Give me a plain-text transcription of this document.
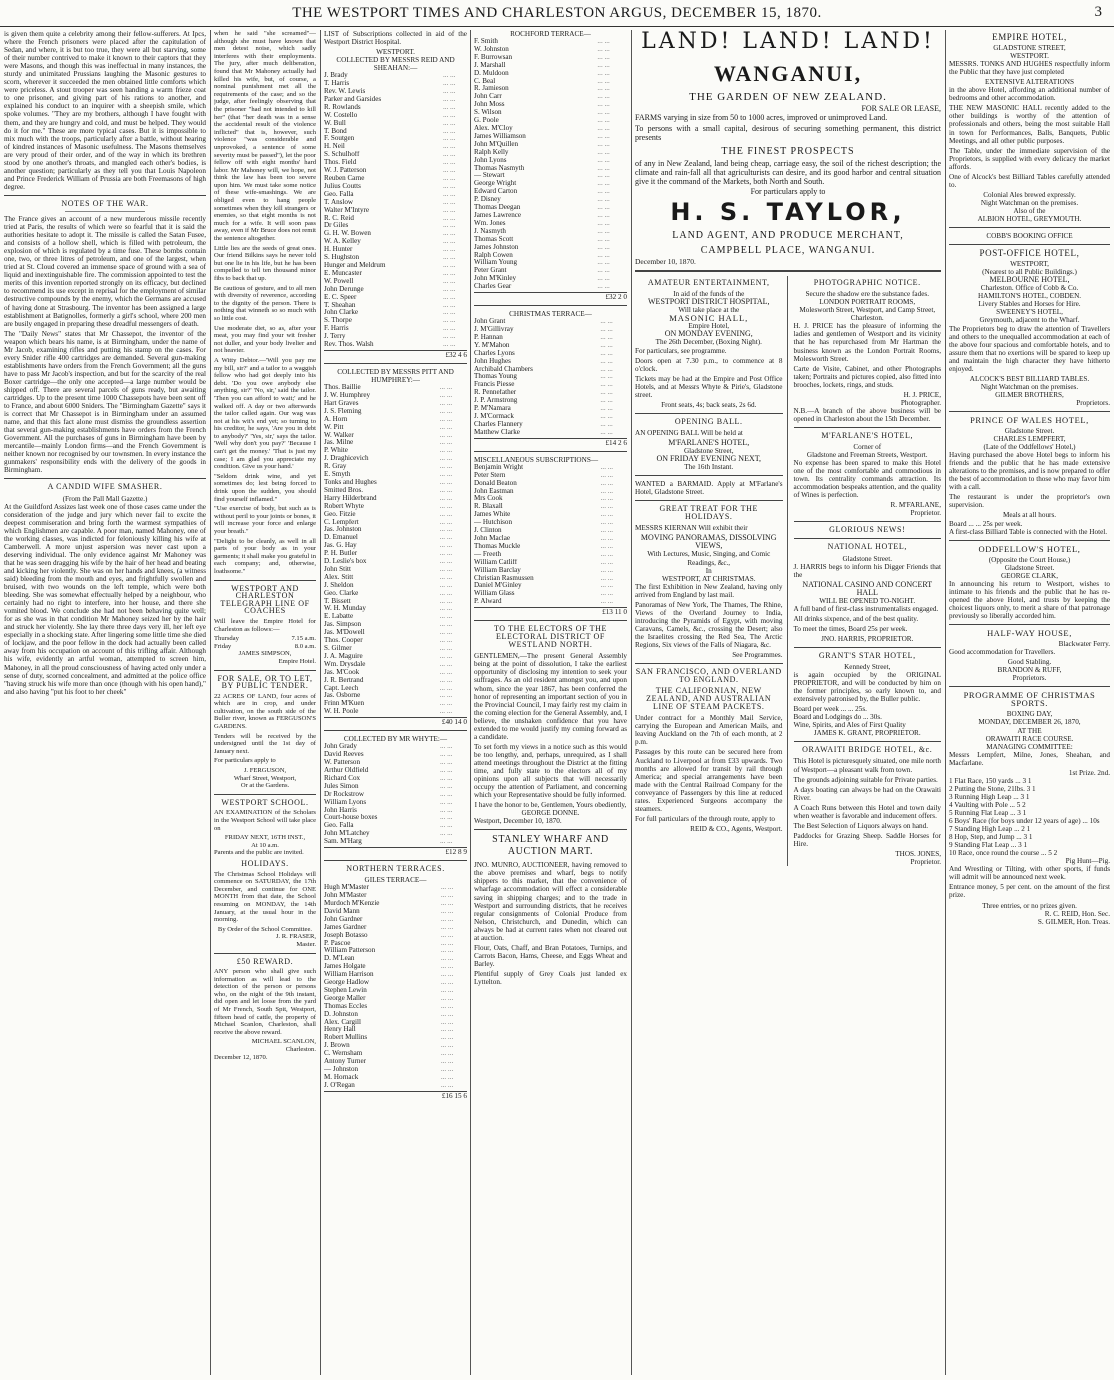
THE WESTPORT TIMES AND CHARLESTON ARGUS, DECEMBER 15, 1870.	3

is given them quite a celebrity among their fellow-sufferers. At Ipcs, where the French prisoners were placed after the capitulation of Sedan, and where, it is but too true, they were all but starving, some of their number contrived to make it known to their captors that they were Masons, and though this was ineffectual in many instances, the sturdy and unimitated Prussians laughing the Masonic gestures to scorn, wherever it succeeded the men obtained little comforts which were priceless. A stout trooper was seen handing a warm frieze coat to one prisoner, and giving part of his rations to another, and explained his conduct to an inquirer with a sheepish smile, which spoke volumes. "They are my brothers, although I have fought with them, and they are hungry and cold, and must be helped. They would do it for me." These are more typical cases. But it is impossible to mix much with the troops, particularly after a battle, without hearing of kindred instances of Masonic usefulness. The Masons themselves are very proud of their order, and of the way in which its brethren stood by one another's throats, and mangled each other's bodies, is another question; particularly as they tell you that Louis Napoleon and Prince Frederick William of Prussia are both Freemasons of high degree.

NOTES OF THE WAR.

The France gives an account of a new murderous missile recently tried at Paris, the results of which were so fearful that it is said the authorities hesitate to adopt it. The missile is called the Satan Fusee, and consists of a hollow shell, which is filled with petroleum, the explosion of which is regulated by a time fuse. These bombs contain one, two, or three litres of petroleum, and one of the largest, when tried at St. Cloud covered an immense space of ground with a sea of liquid and inextinguishable fire. The commission appointed to test the merits of this invention reported strongly on its efficacy, but declined to recommend its use except in reprisal for the employment of similar destructive compounds by the enemy, which the Germans are accused of having done at Strasbourg. The inventor has been assigned a large establishment at Batignolles, formerly a girl's school, where 200 men are busily engaged in preparing these dreadful messengers of death.

The "Daily News" states that Mr Chassepot, the inventor of the weapon which bears his name, is at Birmingham, under the name of Mr Jacob, examining rifles and putting his stamp on the cases. For every Snider rifle 400 cartridges are demanded. Several gun-making establishments have orders from the French Government; all the guns have to pass Mr Jacob's inspection, and but for the scarcity of the real Boxer cartridge—the only one accepted—a large number would be shipped off. There are several parcels of guns ready, but awaiting cartridges. Up to the present time 1000 Chassepots have been sent off to France, and about 6000 Sniders. The "Birmingham Gazette" says it is correct that Mr Chassepot is in Birmingham under an assumed name, and that this fact alone must dismiss the groundless assertion that several gun-making establishments have orders from the French Government. All the purchases of guns in Birmingham have been by mercantile—mainly London firms—and the French Government is neither known nor recognised by our townsmen. In every instance the gunmakers' responsibility ends with the delivery of the goods in Birmingham.

A CANDID WIFE SMASHER.
(From the Pall Mall Gazette.)

At the Guildford Assizes last week one of those cases came under the consideration of the judge and jury which never fail to excite the deepest commiseration and bring forth the warmest sympathies of which Englishmen are capable. A poor man, named Mahoney, one of the working classes, was indicted for feloniously killing his wife at Camberwell. A more unjust aspersion was never cast upon a deserving individual. The only evidence against Mr Mahoney was that he was seen dragging his wife by the hair of her head and beating and kicking her violently. She was on her hands and knees, (a witness said) bleeding from the mouth and eyes, and frightfully swollen and bruised, with two wounds on the left temple, which were both bleeding. She was somewhat effectually helped by a neighbour, who certainly had no right to interfere, into her house, and there she vomited blood. We conclude she had not been behaving quite well; for as she was in that condition Mr Mahoney seized her by the hair and struck her violently. She lay there three days very ill, her left eye especially in a shocking state. After lingering some little time she died of lockjaw, and the poor fellow in the dock had actually been called away from his occupation on account of this trifling affair. Although his wife, evidently an artful woman, attempted to screen him, Mahoney, in all the proud consciousness of having acted only under a sense of duty, scorned concealment, and admitted at the police office "having struck his wife more than once (though with his open hand)," and also having "put his foot to her cheek"

when he said "she screamed"—although she must have known that men detest noise, which sadly interferes with their employments. The jury, after much deliberation, found that Mr Mahoney actually had killed his wife, but, of course, a nominal punishment met all the requirements of the case; and so the judge, after feelingly observing that the prisoner "had not intended to kill her" (that "her death was in a sense the accidental result of the violence inflicted" that is, however, such violence "was considerable and unprovoked, a sentence of some severity must be passed"), let the poor fellow off with eight months' hard labor. Mr Mahoney will, we hope, not think the law has been too severe upon him. We must take some notice of these wife-smashings. We are obliged even to hang people sometimes when they kill strangers or enemies, so that eight months is not much for a wife. It will soon pass away, even if Mr Bruce does not remit the sentence altogether.

Little lies are the seeds of great ones. Our friend Bilkins says he never told but one lie in his life, but he has been compelled to tell ten thousand minor fibs to back that up.

Be cautious of gesture, and to all men with diversity of reverence, according to the dignity of the person. There is nothing that winneth so so much with so little cost.

Use moderate diet, so as, after your meat, you may find your wit fresher not duller, and your body livelier and not heavier.

A Witty Debtor.—'Will you pay me my bill, sir?' and a tailor to a waggish fellow who had got deeply into his debt. 'Do you owe anybody else anything, sir?' 'No, sir,' said the tailor. 'Then you can afford to wait;' and he walked off. A day or two afterwards the tailor called again. Our wag was not at his wit's end yet; so turning to his creditor, he says, 'Are you in debt to anybody?' 'Yes, sir,' says the tailor. 'Well why don't you pay?' 'Because I can't get the money.' 'That is just my case; I am glad you appreciate my condition. Give us your hand.'

"Seldom drink wine, and yet sometimes do; lest being forced to drink upon the sudden, you should find yourself inflamed."

"Use exercise of body, but such as is without peril to your joints or bones, it will increase your force and enlarge your breath."

"Delight to be cleanly, as well in all parts of your body as in your garments; it shall make you grateful in each company; and, otherwise, loathsome."

WESTPORT AND CHARLESTON TELEGRAPH LINE OF COACHES

Will leave the Empire Hotel for Charleston as follows:—

Thursday	7.15 a.m.
Friday	8.0 a.m.
JAMES SIMPSON,
Empire Hotel.
FOR SALE, OR TO LET, BY PUBLIC TENDER.

22 ACRES OF LAND, four acres of which are in crop, and under cultivation, on the south side of the Buller river, known as FERGUSON'S GARDENS.

Tenders will be received by the undersigned until the 1st day of January next.

For particulars apply to

J. FERGUSON,
Wharf Street, Westport,
Or at the Gardens.
WESTPORT SCHOOL.

AN EXAMINATION of the Scholars in the Westport School will take place on

FRIDAY NEXT, 16TH INST.,
At 10 a.m.

Parents and the public are invited.

HOLIDAYS.

The Christmas School Holidays will commence on SATURDAY, the 17th December, and continue for ONE MONTH from that date, the School resuming on MONDAY, the 14th January, at the usual hour in the morning.

By Order of the School Committee.
J. R. FRASER,
Master.
£50 REWARD.

ANY person who shall give such information as will lead to the detection of the person or persons who, on the night of the 9th instant, did open and let loose from the yard of Mr French, South Spit, Westport, fifteen head of cattle, the property of Michael Scanlon, Charleston, shall receive the above reward.

MICHAEL SCANLON,
Charleston.
December 12, 1870.

LIST of Subscriptions collected in aid of the Westport District Hospital.

WESTPORT.
COLLECTED BY MESSRS REID AND SHEAHAN:—
J. Brady	... ...
T. Harris	... ...
Rev. W. Lewis	... ...
Parker and Garsides	... ...
R. Rowlands	... ...
W. Costello	... ...
W. Bull	... ...
T. Bond	... ...
F. Soutgen	... ...
H. Neil	... ...
S. Schulhoff	... ...
Thos. Field	... ...
W. J. Patterson	... ...
Reuben Carne	... ...
Julius Coutts	... ...
Geo. Falla	... ...
T. Anslow	... ...
Walter M'Intyre	... ...
R. C. Reid	... ...
Dr Giles	... ...
G. H. W. Bowen	... ...
W. A. Kelley	... ...
H. Hunter	... ...
S. Hughston	... ...
Hunger and Meldrum	... ...
E. Muncaster	... ...
W. Powell	... ...
John Derunge	... ...
E. C. Speer	... ...
T. Sheahan	... ...
John Clarke	... ...
S. Thorpe	... ...
F. Harris	... ...
J. Terry	... ...
Rev. Thos. Walsh	... ...
£32 4 6
COLLECTED BY MESSRS PITT AND HUMPHREY:—
Thos. Baillie	... ...
J. W. Humphrey	... ...
Hart Graves	... ...
J. S. Fleming	... ...
A. Horn	... ...
W. Pitt	... ...
W. Walker	... ...
Jas. Milne	... ...
P. White	... ...
J. Draghicevich	... ...
R. Gray	... ...
E. Smyth	... ...
Tonks and Hughes	... ...
Smitted Bros.	... ...
Harry Hilderbrand	... ...
Robert Whyte	... ...
Geo. Fitzie	... ...
C. Lempfert	... ...
Jas. Johnston	... ...
D. Emanuel	... ...
Jas. G. Hay	... ...
P. H. Butler	... ...
D. Leslie's box	... ...
John Stitt	... ...
Alex. Stitt	... ...
J. Sheldon	... ...
Geo. Clarke	... ...
T. Bissett	... ...
W. H. Munday	... ...
E. Labatte	... ...
Jas. Simpson	... ...
Jas. M'Dowell	... ...
Thos. Cooper	... ...
S. Gilmer	... ...
J. A. Maguire	... ...
Wm. Drysdale	... ...
Jas. M'Cook	... ...
J. R. Bertrand	... ...
Capt. Leech	... ...
Jas. Osborne	... ...
Frinn M'Kuen	... ...
W. H. Poole	... ...
£40 14 0
COLLECTED BY MR WHYTE:—
John Grady	... ...
David Reeves	... ...
W. Patterson	... ...
Arthur Oldfield	... ...
Richard Cox	... ...
Jules Simon	... ...
Dr Rockstrow	... ...
William Lyons	... ...
John Harris	... ...
Court-house boxes	... ...
Geo. Falla	... ...
John M'Latchey	... ...
Sam. M'Harg	... ...
£12 8 9
NORTHERN TERRACES.
GILES TERRACE—
Hugh M'Master	... ...
John M'Master	... ...
Murdoch M'Kenzie	... ...
David Mann	... ...
John Gardner	... ...
James Gardner	... ...
Joseph Botasso	... ...
P. Pascoe	... ...
William Patterson	... ...
D. M'Lean	... ...
James Holgate	... ...
William Harrison	... ...
George Hadlow	... ...
Stephen Lewin	... ...
George Maller	... ...
Thomas Eccles	... ...
D. Johnston	... ...
Alex. Cargill	... ...
Henry Hall	... ...
Robert Mullins	... ...
J. Brown	... ...
C. Wernsham	... ...
Antony Turner	... ...
— Johnston	... ...
M. Hornack	... ...
J. O'Regan	... ...
£16 15 6
ROCHFORD TERRACE—
F. Smith	... ...
W. Johnston	... ...
F. Burrowsan	... ...
J. Marshall	... ...
D. Muldoon	... ...
C. Beal	... ...
R. Jamieson	... ...
John Carr	... ...
John Moss	... ...
S. Wilson	... ...
G. Poole	... ...
Alex. M'Cloy	... ...
James Williamson	... ...
John M'Quillen	... ...
Ralph Kelly	... ...
John Lyons	... ...
Thomas Nasmyth	... ...
— Stewart	... ...
George Wright	... ...
Edward Carton	... ...
P. Disney	... ...
Thomas Deegan	... ...
James Lawrence	... ...
Wm. Jones	... ...
J. Nasmyth	... ...
Thomas Scott	... ...
James Johnston	... ...
Ralph Cowen	... ...
William Young	... ...
Peter Grant	... ...
John M'Kinley	... ...
Charles Gear	... ...
£32 2 0
CHRISTMAS TERRACE—
John Grant	... ...
J. M'Gillivray	... ...
P. Hannan	... ...
Y. M'Mahon	... ...
Charles Lyons	... ...
John Hughes	... ...
Archibald Chambers	... ...
Thomas Young	... ...
Francis Piesse	... ...
R. Pennefather	... ...
J. P. Armstrong	... ...
P. M'Namara	... ...
J. M'Cormack	... ...
Charles Flannery	... ...
Matthew Clarke	... ...
£14 2 6
MISCELLANEOUS SUBSCRIPTIONS—
Benjamin Wright	... ...
Peter Stern	... ...
Donald Beaton	... ...
John Eastman	... ...
Mrs Cook	... ...
R. Blaxall	... ...
James White	... ...
— Hutchison	... ...
J. Clinton	... ...
John Maclae	... ...
Thomas Muckle	... ...
— Freeth	... ...
William Catliff	... ...
William Barclay	... ...
Christian Rasmussen	... ...
Daniel M'Ginley	... ...
William Glass	... ...
P. Alward	... ...
£13 11 0
TO THE ELECTORS OF THE ELECTORAL DISTRICT OF WESTLAND NORTH.

GENTLEMEN,—The present General Assembly being at the point of dissolution, I take the earliest opportunity of disclosing my intention to seek your suffrages. As an old resident amongst you, and upon whom, since the year 1867, has been conferred the honor of representing an important section of you in the Provincial Council, I may fairly rest my claim in the coming election for the General Assembly, and, I believe, the unshaken confidence that you have extended to me would justify my coming forward as a candidate.

To set forth my views in a notice such as this would be too lengthy, and, perhaps, unrequired, as I shall attend meetings throughout the District at the fitting time, and fully state to the electors all of my opinions upon all subjects that will necessarily occupy the attention of Parliament, and concerning which your Representative should be fully informed.

I have the honor to be, Gentlemen, Yours obediently,
GEORGE DONNE.
Westport, December 10, 1870.
STANLEY WHARF AND AUCTION MART.

JNO. MUNRO, AUCTIONEER, having removed to the above premises and wharf, begs to notify shippers to this market, that the convenience of wharfage accommodation will effect a considerable saving in shipping charges; and to the trade in Westport and surrounding districts, that he receives regular consignments of Colonial Produce from Nelson, Christchurch, and Dunedin, which can always be had at current rates when not cleared out at auction.

Flour, Oats, Chaff, and Bran Potatoes, Turnips, and Carrots Bacon, Hams, Cheese, and Eggs Wheat and Barley.

Plentiful supply of Grey Coals just landed ex Lyttelton.

LAND! LAND! LAND!
WANGANUI,
THE GARDEN OF NEW ZEALAND.
FOR SALE OR LEASE,

FARMS varying in size from 50 to 1000 acres, improved or unimproved Land.

To persons with a small capital, desirous of securing something permanent, this district presents

THE FINEST PROSPECTS

of any in New Zealand, land being cheap, carriage easy, the soil of the richest description; the climate and rain-fall all that agriculturists can desire, and its good harbor and central situation give it the command of the Markets, both North and South.

For particulars apply to
H. S. TAYLOR,
LAND AGENT, AND PRODUCE MERCHANT,
CAMPBELL PLACE, WANGANUI.
December 10, 1870.
AMATEUR ENTERTAINMENT,
In aid of the funds of the
WESTPORT DISTRICT HOSPITAL,
Will take place at the
MASONIC HALL,
Empire Hotel,
ON MONDAY EVENING,
The 26th December, (Boxing Night).

For particulars, see programme.

Doors open at 7.30 p.m., to commence at 8 o'clock.

Tickets may be had at the Empire and Post Office Hotels, and at Messrs Whyte & Pirie's, Gladstone street.

Front seats, 4s; back seats, 2s 6d.
OPENING BALL.

AN OPENING BALL Will be held at

M'FARLANE'S HOTEL,
Gladstone Street,
ON FRIDAY EVENING NEXT,
The 16th Instant.

WANTED a BARMAID. Apply at M'Farlane's Hotel, Gladstone Street.

GREAT TREAT FOR THE HOLIDAYS.

MESSRS KIERNAN Will exhibit their

MOVING PANORAMAS, DISSOLVING VIEWS,
With Lectures, Music, Singing, and Comic Readings, &c.,
In
WESTPORT, AT CHRISTMAS.

The first Exhibition in New Zealand, having only arrived from England by last mail.

Panoramas of New York, The Thames, The Rhine, Views of the Overland Journey to India, introducing the Pyramids of Egypt, with moving Caravans, Camels, &c., crossing the Desert; also the Israelites crossing the Red Sea, The Arctic Regions, Six views of the Falls of Niagara, &c.

See Programmes.
SAN FRANCISCO, AND OVERLAND TO ENGLAND.
THE CALIFORNIAN, NEW ZEALAND, AND AUSTRALIAN LINE OF STEAM PACKETS.

Under contract for a Monthly Mail Service, carrying the European and American Mails, and leaving Auckland on the 7th of each month, at 2 p.m.

Passages by this route can be secured here from Auckland to Liverpool at from £33 upwards. Two months are allowed for transit by rail through America; and special arrangements have been made with the Central Railroad Company for the conveyance of Passengers by this line at reduced rates. Experienced Surgeons accompany the steamers.

For full particulars of the through route, apply to

REID & CO., Agents, Westport.
PHOTOGRAPHIC NOTICE.
Secure the shadow ere the substance fades.
LONDON PORTRAIT ROOMS,
Molesworth Street, Westport, and Camp Street, Charleston.

H. J. PRICE has the pleasure of informing the ladies and gentlemen of Westport and its vicinity that he has repurchased from Mr Hartman the business known as the London Portrait Rooms, Molesworth Street.

Carte de Visite, Cabinet, and other Photographs taken; Portraits and pictures copied, also fitted into brooches, lockets, rings, and studs.

H. J. PRICE,
Photographer.

N.B.—A branch of the above business will be opened in Charleston about the 15th December.

M'FARLANE'S HOTEL,
Corner of
Gladstone and Freeman Streets, Westport.

No expense has been spared to make this Hotel one of the most comfortable and commodious in town. Its centrality commands attraction. Its accommodation bespeaks attention, and the quality of Wines is perfection.

R. M'FARLANE,
Proprietor.
GLORIOUS NEWS!
NATIONAL HOTEL,
Gladstone Street.

J. HARRIS begs to inform his Digger Friends that the

NATIONAL CASINO AND CONCERT HALL
WILL BE OPENED TO-NIGHT.

A full band of first-class instrumentalists engaged.

All drinks sixpence, and of the best quality.

To meet the times, Board 25s per week.

JNO. HARRIS, PROPRIETOR.
GRANT'S STAR HOTEL,
Kennedy Street,

is again occupied by the ORIGINAL PROPRIETOR, and will be conducted by him on the former principles, so early known to, and extensively patronised by, the Buller public.

Board per week ... ... 25s.
Board and Lodgings do ... 30s.
Wine, Spirits, and Ales of First Quality
JAMES K. GRANT, PROPRIETOR.
ORAWAITI BRIDGE HOTEL, &c.

This Hotel is picturesquely situated, one mile north of Westport—a pleasant walk from town.

The grounds adjoining suitable for Private parties.

A days boating can always be had on the Orawaiti River.

A Coach Runs between this Hotel and town daily when weather is favorable and inducement offers.

The Best Selection of Liquors always on hand.

Paddocks for Grazing Sheep. Saddle Horses for Hire.

THOS. JONES,
Proprietor.
EMPIRE HOTEL,
GLADSTONE STREET,
WESTPORT.

MESSRS. TONKS AND HUGHES respectfully inform the Public that they have just completed

EXTENSIVE ALTERATIONS

in the above Hotel, affording an additional number of bedrooms and other accommodation.

THE NEW MASONIC HALL recently added to the other buildings is worthy of the attention of professionals and others, being the most suitable Hall in town for Performances, Balls, Banquets, Public Meetings, and all other public purposes.

The Table, under the immediate supervision of the Proprietors, is supplied with every delicacy the market affords.

One of Alcock's best Billiard Tables carefully attended to.

Colonial Ales brewed expressly.
Night Watchman on the premises.
Also of the
ALBION HOTEL, GREYMOUTH.
COBB'S BOOKING OFFICE
POST-OFFICE HOTEL,
WESTPORT,
(Nearest to all Public Buildings.)
MELBOURNE HOTEL,
Charleston. Office of Cobb & Co.
HAMILTON'S HOTEL, COBDEN.
Livery Stables and Horses for Hire.
SWEENEY'S HOTEL,
Greymouth, adjacent to the Wharf.

The Proprietors beg to draw the attention of Travellers and others to the unequalled accommodation at each of the above four spacious and comfortable hotels, and to assure them that no exertions will be spared to keep up and maintain the high character they have hitherto enjoyed.

ALCOCK'S BEST BILLIARD TABLES.
Night Watchman on the premises.
GILMER BROTHERS,
Proprietors.
PRINCE OF WALES HOTEL,
Gladstone Street.
CHARLES LEMPFERT,
(Late of the Oddfellows' Hotel,)

Having purchased the above Hotel begs to inform his friends and the public that he has made extensive alterations to the premises, and is now prepared to offer the best of accommodation to those who may favor him with a call.

The restaurant is under the proprietor's own supervision.

Meals at all hours.
Board ... ... 25s per week.

A first-class Billiard Table is connected with the Hotel.

ODDFELLOW'S HOTEL,
(Opposite the Court House,)
Gladstone Street.
GEORGE CLARK,

In announcing his return to Westport, wishes to intimate to his friends and the public that he has re-opened the above Hotel, and trusts by keeping the choicest liquors only, to merit a share of that patronage previously so liberally accorded him.

HALF-WAY HOUSE,
Blackwater Ferry.

Good accommodation for Travellers.

Good Stabling.
BRANDON & RUFF,
Proprietors.
PROGRAMME OF CHRISTMAS SPORTS.
BOXING DAY,
MONDAY, DECEMBER 26, 1870,
AT THE
ORAWAITI RACE COURSE.
MANAGING COMMITTEE:

Messrs Lempfert, Milne, Jones, Sheahan, and Macfarlane.

1st Prize. 2nd.
1 Flat Race, 150 yards ... 3 1
2 Putting the Stone, 21lbs. 3 1
3 Running High Leap ... 3 1
4 Vaulting with Pole ... 5 2
5 Running Flat Leap ... 3 1
6 Boys' Race (for boys under 12 years of age) ... 10s
7 Standing High Leap ... 2 1
8 Hop, Step, and Jump ... 3 1
9 Standing Flat Leap ... 3 1
10 Race, once round the course ... 5 2
Pig Hunt—Pig.

And Wrestling or Tilting, with other sports, if funds will admit will be announced next week.

Entrance money, 5 per cent. on the amount of the first prize.

Three entries, or no prizes given.
R. C. REID, Hon. Sec.
S. GILMER, Hon. Treas.
